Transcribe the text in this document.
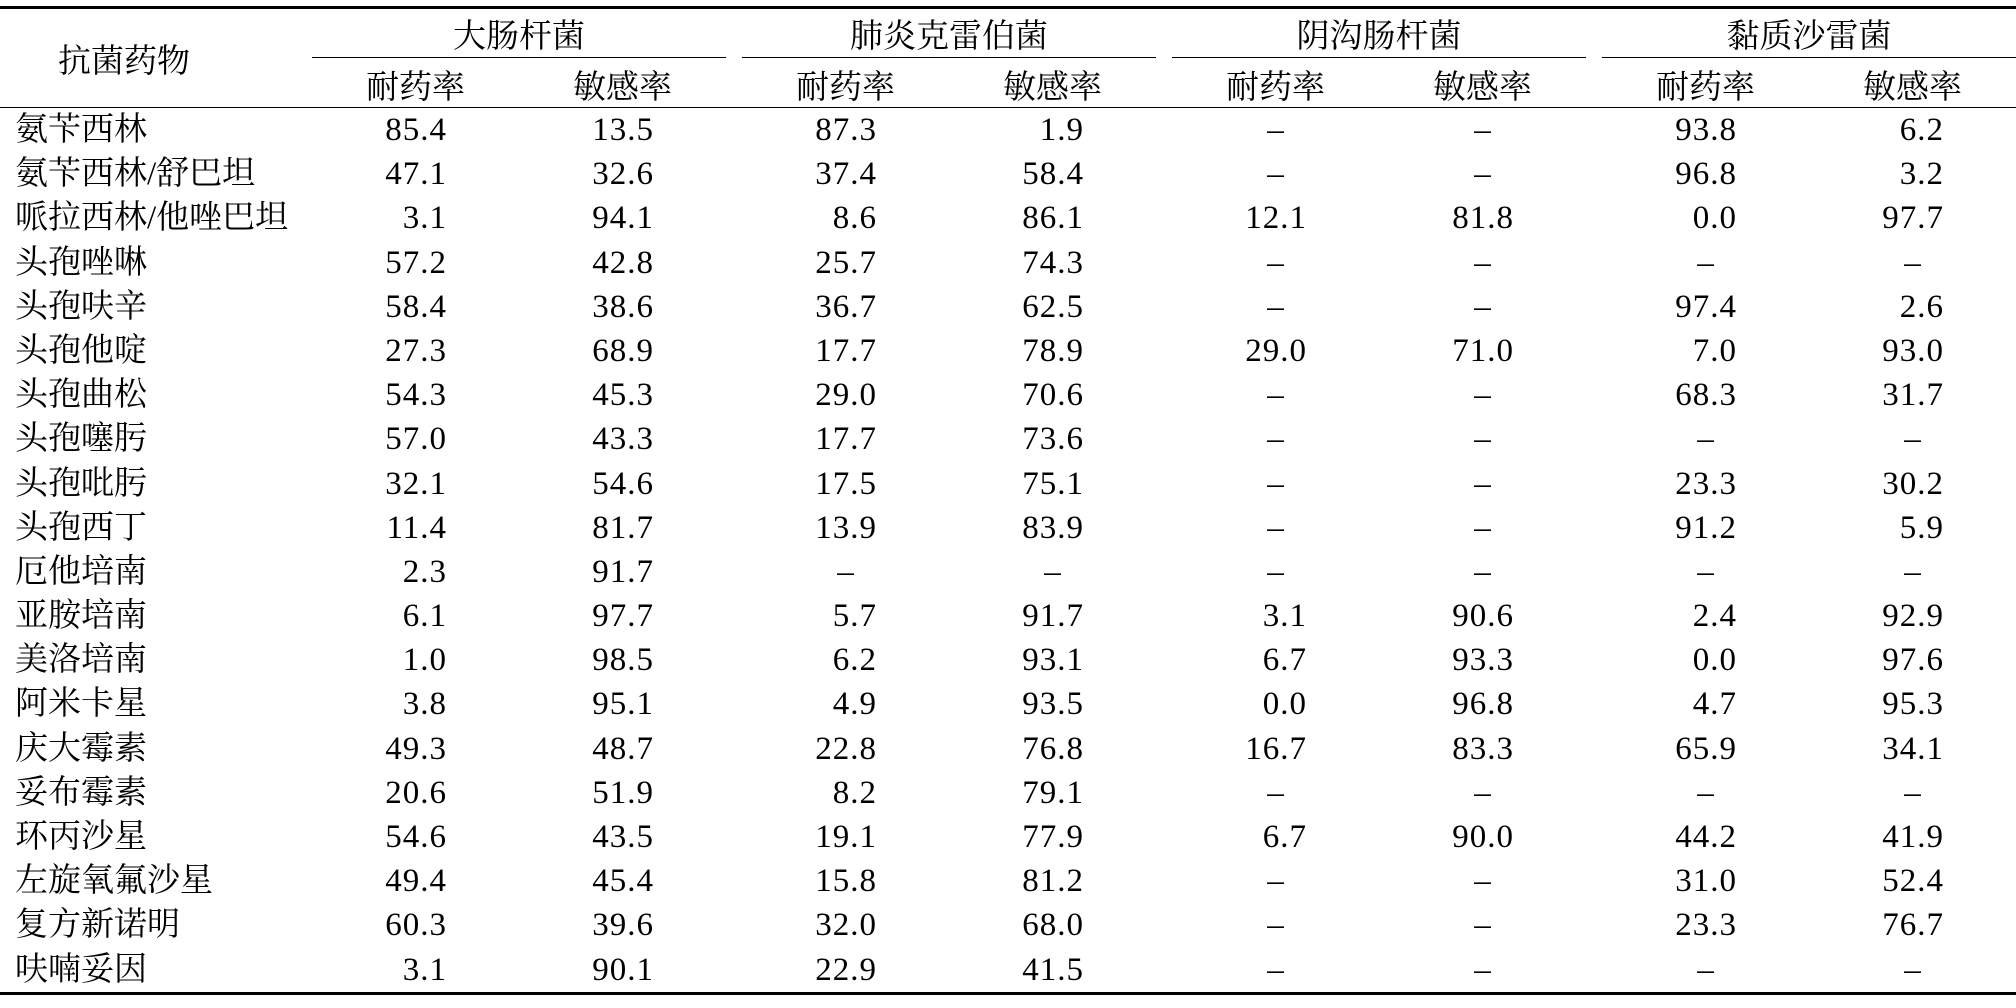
抗菌药物
大肠杆菌	肺炎克雷伯菌	阴沟肠杆菌	黏质沙雷菌
耐药率	敏感率	耐药率	敏感率	耐药率	敏感率	耐药率	敏感率
氨苄西林	85.4	13.5	87.3	1.9	–	–	93.8	6.2
氨苄西林/舒巴坦	47.1	32.6	37.4	58.4	–	–	96.8	3.2
哌拉西林/他唑巴坦	3.1	94.1	8.6	86.1	12.1	81.8	0.0	97.7
头孢唑啉	57.2	42.8	25.7	74.3	–	–	–	–
头孢呋辛	58.4	38.6	36.7	62.5	–	–	97.4	2.6
头孢他啶	27.3	68.9	17.7	78.9	29.0	71.0	7.0	93.0
头孢曲松	54.3	45.3	29.0	70.6	–	–	68.3	31.7
头孢噻肟	57.0	43.3	17.7	73.6	–	–	–	–
头孢吡肟	32.1	54.6	17.5	75.1	–	–	23.3	30.2
头孢西丁	11.4	81.7	13.9	83.9	–	–	91.2	5.9
厄他培南	2.3	91.7	–	–	–	–	–	–
亚胺培南	6.1	97.7	5.7	91.7	3.1	90.6	2.4	92.9
美洛培南	1.0	98.5	6.2	93.1	6.7	93.3	0.0	97.6
阿米卡星	3.8	95.1	4.9	93.5	0.0	96.8	4.7	95.3
庆大霉素	49.3	48.7	22.8	76.8	16.7	83.3	65.9	34.1
妥布霉素	20.6	51.9	8.2	79.1	–	–	–	–
环丙沙星	54.6	43.5	19.1	77.9	6.7	90.0	44.2	41.9
左旋氧氟沙星	49.4	45.4	15.8	81.2	–	–	31.0	52.4
复方新诺明	60.3	39.6	32.0	68.0	–	–	23.3	76.7
呋喃妥因	3.1	90.1	22.9	41.5	–	–	–	–
